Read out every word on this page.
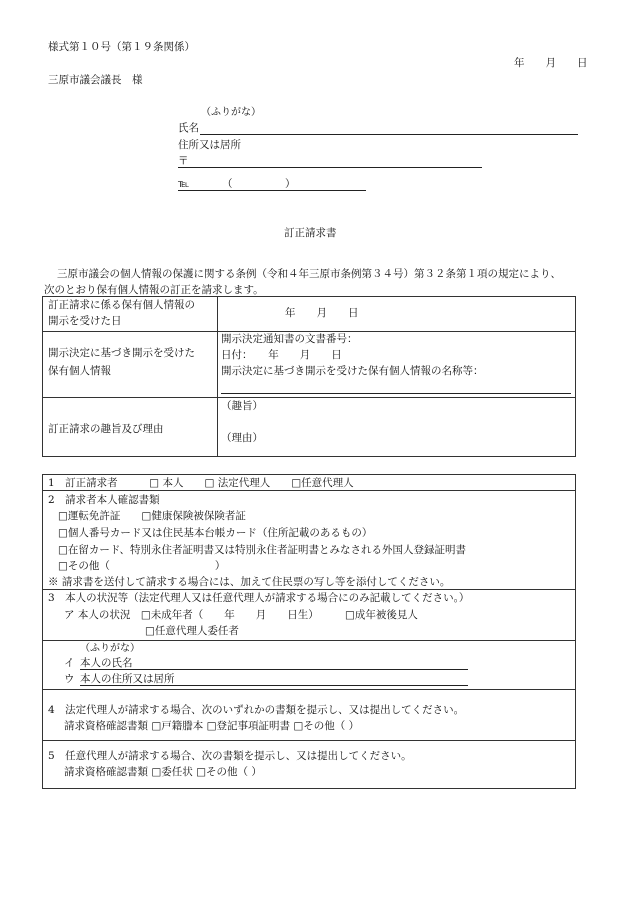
様式第１０号（第１９条関係）
年　　月　　日
三原市議会議長　様
（ふりがな）
氏名
住所又は居所
〒
℡	（　　　　　）
訂正請求書
三原市議会の個人情報の保護に関する条例（令和４年三原市条例第３４号）第３２条第１項の規定により、
次のとおり保有個人情報の訂正を請求します。
訂正請求に係る保有個人情報の
開示を受けた日
年　　月　　日
開示決定に基づき開示を受けた
保有個人情報
開示決定通知書の文書番号：
日付：　　年　　月　　日
開示決定に基づき開示を受けた保有個人情報の名称等：
訂正請求の趣旨及び理由
（趣旨）
（理由）
1　訂正請求者　　　□ 本人　　□ 法定代理人　　□任意代理人
2　請求者本人確認書類
□運転免許証　　□健康保険被保険者証
□個人番号カード又は住民基本台帳カード（住所記載のあるもの）
□在留カード、特別永住者証明書又は特別永住者証明書とみなされる外国人登録証明書
□その他（　　　　　　　　　　）
※ 請求書を送付して請求する場合には、加えて住民票の写し等を添付してください。
3　本人の状況等（法定代理人又は任意代理人が請求する場合にのみ記載してください。）
ア 本人の状況　□未成年者（　　年　　月　　日生）　　　□成年被後見人
□任意代理人委任者
（ふりがな）
イ 本人の氏名
ウ 本人の住所又は居所
4　法定代理人が請求する場合、次のいずれかの書類を提示し、又は提出してください。
請求資格確認書類 □戸籍謄本 □登記事項証明書 □その他（ ）
5　任意代理人が請求する場合、次の書類を提示し、又は提出してください。
請求資格確認書類 □委任状 □その他（ ）
